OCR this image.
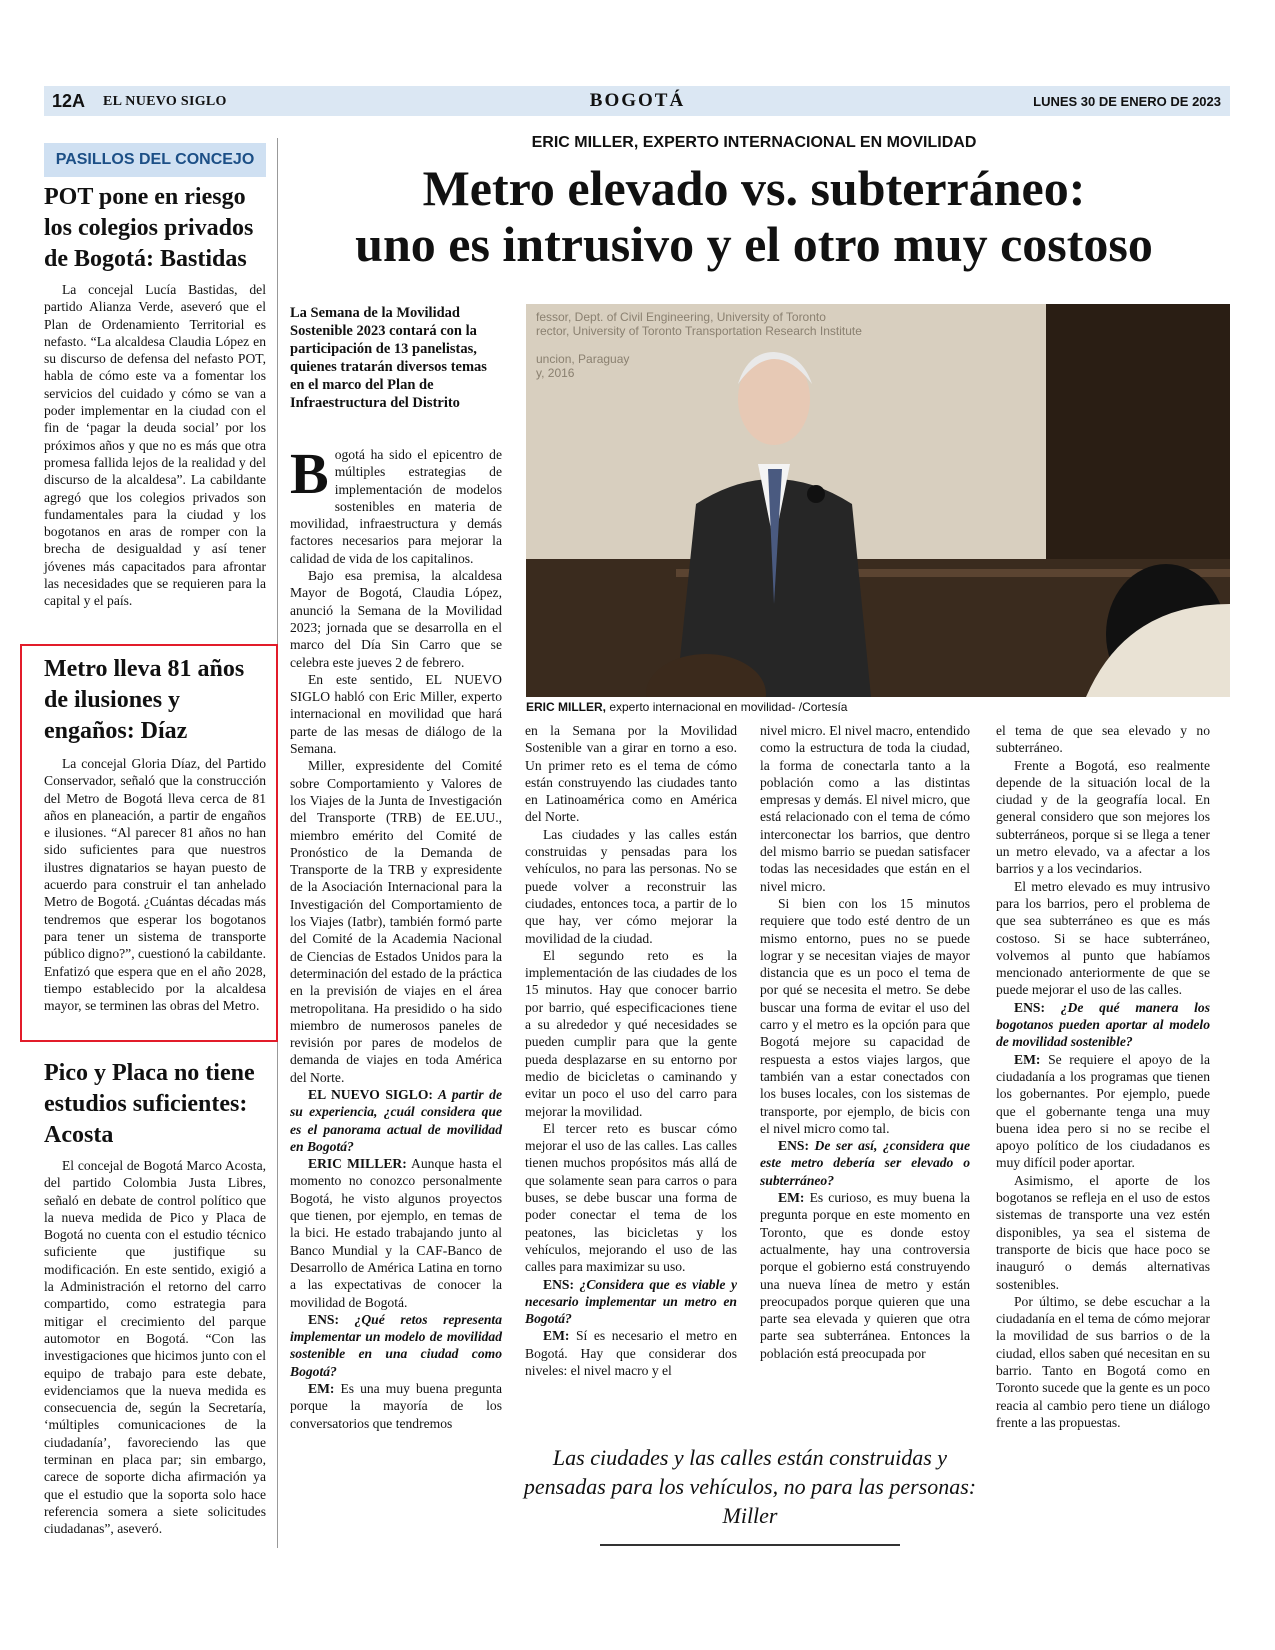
12A EL NUEVO SIGLO	BOGOTÁ	LUNES 30 DE ENERO DE 2023
PASILLOS DEL CONCEJO
POT pone en riesgo los colegios privados de Bogotá: Bastidas

La concejal Lucía Bastidas, del partido Alianza Verde, aseveró que el Plan de Ordenamiento Territorial es nefasto. “La alcaldesa Claudia López en su discurso de defensa del nefasto POT, habla de cómo este va a fomentar los servicios del cuidado y cómo se van a poder implementar en la ciudad con el fin de ‘pagar la deuda social’ por los próximos años y que no es más que otra promesa fallida lejos de la realidad y del discurso de la alcaldesa”. La cabildante agregó que los colegios privados son fundamentales para la ciudad y los bogotanos en aras de romper con la brecha de desigualdad y así tener jóvenes más capacitados para afrontar las necesidades que se requieren para la capital y el país.

Metro lleva 81 años de ilusiones y engaños: Díaz

La concejal Gloria Díaz, del Partido Conservador, señaló que la construcción del Metro de Bogotá lleva cerca de 81 años en planeación, a partir de engaños e ilusiones. “Al parecer 81 años no han sido suficientes para que nuestros ilustres dignatarios se hayan puesto de acuerdo para construir el tan anhelado Metro de Bogotá. ¿Cuántas décadas más tendremos que esperar los bogotanos para tener un sistema de transporte público digno?”, cuestionó la cabildante. Enfatizó que espera que en el año 2028, tiempo establecido por la alcaldesa mayor, se terminen las obras del Metro.

Pico y Placa no tiene estudios suficientes: Acosta

El concejal de Bogotá Marco Acosta, del partido Colombia Justa Libres, señaló en debate de control político que la nueva medida de Pico y Placa de Bogotá no cuenta con el estudio técnico suficiente que justifique su modificación. En este sentido, exigió a la Administración el retorno del carro compartido, como estrategia para mitigar el crecimiento del parque automotor en Bogotá. “Con las investigaciones que hicimos junto con el equipo de trabajo para este debate, evidenciamos que la nueva medida es consecuencia de, según la Secretaría, ‘múltiples comunicaciones de la ciudadanía’, favoreciendo las que terminan en placa par; sin embargo, carece de soporte dicha afirmación ya que el estudio que la soporta solo hace referencia somera a siete solicitudes ciudadanas”, aseveró.

ERIC MILLER, EXPERTO INTERNACIONAL EN MOVILIDAD
Metro elevado vs. subterráneo:
uno es intrusivo y el otro muy costoso
La Semana de la Movilidad Sostenible 2023 contará con la participación de 13 panelistas, quienes tratarán diversos temas en el marco del Plan de Infraestructura del Distrito
fessor, Dept. of Civil Engineering, University of Toronto
rector, University of Toronto Transportation Research Institute

uncion, Paraguay
y, 2016
ERIC MILLER, experto internacional en movilidad- /Cortesía

Bogotá ha sido el epicentro de múltiples estrategias de implementación de modelos sostenibles en materia de movilidad, infraestructura y demás factores necesarios para mejorar la calidad de vida de los capitalinos.

Bajo esa premisa, la alcaldesa Mayor de Bogotá, Claudia López, anunció la Semana de la Movilidad 2023; jornada que se desarrolla en el marco del Día Sin Carro que se celebra este jueves 2 de febrero.

En este sentido, EL NUEVO SIGLO habló con Eric Miller, experto internacional en movilidad que hará parte de las mesas de diálogo de la Semana.

Miller, expresidente del Comité sobre Comportamiento y Valores de los Viajes de la Junta de Investigación del Transporte (TRB) de EE.UU., miembro emérito del Comité de Pronóstico de la Demanda de Transporte de la TRB y expresidente de la Asociación Internacional para la Investigación del Comportamiento de los Viajes (Iatbr), también formó parte del Comité de la Academia Nacional de Ciencias de Estados Unidos para la determinación del estado de la práctica en la previsión de viajes en el área metropolitana. Ha presidido o ha sido miembro de numerosos paneles de revisión por pares de modelos de demanda de viajes en toda América del Norte.

EL NUEVO SIGLO: A partir de su experiencia, ¿cuál considera que es el panorama actual de movilidad en Bogotá?

ERIC MILLER: Aunque hasta el momento no conozco personalmente Bogotá, he visto algunos proyectos que tienen, por ejemplo, en temas de la bici. He estado trabajando junto al Banco Mundial y la CAF-Banco de Desarrollo de América Latina en torno a las expectativas de conocer la movilidad de Bogotá.

ENS: ¿Qué retos representa implementar un modelo de movilidad sostenible en una ciudad como Bogotá?

EM: Es una muy buena pregunta porque la mayoría de los conversatorios que tendremos

en la Semana por la Movilidad Sostenible van a girar en torno a eso. Un primer reto es el tema de cómo están construyendo las ciudades tanto en Latinoamérica como en América del Norte.

Las ciudades y las calles están construidas y pensadas para los vehículos, no para las personas. No se puede volver a reconstruir las ciudades, entonces toca, a partir de lo que hay, ver cómo mejorar la movilidad de la ciudad.

El segundo reto es la implementación de las ciudades de los 15 minutos. Hay que conocer barrio por barrio, qué especificaciones tiene a su alrededor y qué necesidades se pueden cumplir para que la gente pueda desplazarse en su entorno por medio de bicicletas o caminando y evitar un poco el uso del carro para mejorar la movilidad.

El tercer reto es buscar cómo mejorar el uso de las calles. Las calles tienen muchos propósitos más allá de que solamente sean para carros o para buses, se debe buscar una forma de poder conectar el tema de los peatones, las bicicletas y los vehículos, mejorando el uso de las calles para maximizar su uso.

ENS: ¿Considera que es viable y necesario implementar un metro en Bogotá?

EM: Sí es necesario el metro en Bogotá. Hay que considerar dos niveles: el nivel macro y el

nivel micro. El nivel macro, entendido como la estructura de toda la ciudad, la forma de conectarla tanto a la población como a las distintas empresas y demás. El nivel micro, que está relacionado con el tema de cómo interconectar los barrios, que dentro del mismo barrio se puedan satisfacer todas las necesidades que están en el nivel micro.

Si bien con los 15 minutos requiere que todo esté dentro de un mismo entorno, pues no se puede lograr y se necesitan viajes de mayor distancia que es un poco el tema de por qué se necesita el metro. Se debe buscar una forma de evitar el uso del carro y el metro es la opción para que Bogotá mejore su capacidad de respuesta a estos viajes largos, que también van a estar conectados con los buses locales, con los sistemas de transporte, por ejemplo, de bicis con el nivel micro como tal.

ENS: De ser así, ¿considera que este metro debería ser elevado o subterráneo?

EM: Es curioso, es muy buena la pregunta porque en este momento en Toronto, que es donde estoy actualmente, hay una controversia porque el gobierno está construyendo una nueva línea de metro y están preocupados porque quieren que una parte sea elevada y quieren que otra parte sea subterránea. Entonces la población está preocupada por

el tema de que sea elevado y no subterráneo.

Frente a Bogotá, eso realmente depende de la situación local de la ciudad y de la geografía local. En general considero que son mejores los subterráneos, porque si se llega a tener un metro elevado, va a afectar a los barrios y a los vecindarios.

El metro elevado es muy intrusivo para los barrios, pero el problema de que sea subterráneo es que es más costoso. Si se hace subterráneo, volvemos al punto que habíamos mencionado anteriormente de que se puede mejorar el uso de las calles.

ENS: ¿De qué manera los bogotanos pueden aportar al modelo de movilidad sostenible?

EM: Se requiere el apoyo de la ciudadanía a los programas que tienen los gobernantes. Por ejemplo, puede que el gobernante tenga una muy buena idea pero si no se recibe el apoyo político de los ciudadanos es muy difícil poder aportar.

Asimismo, el aporte de los bogotanos se refleja en el uso de estos sistemas de transporte una vez estén disponibles, ya sea el sistema de transporte de bicis que hace poco se inauguró o demás alternativas sostenibles.

Por último, se debe escuchar a la ciudadanía en el tema de cómo mejorar la movilidad de sus barrios o de la ciudad, ellos saben qué necesitan en su barrio. Tanto en Bogotá como en Toronto sucede que la gente es un poco reacia al cambio pero tiene un diálogo frente a las propuestas.

Las ciudades y las calles están construidas y pensadas para los vehículos, no para las personas: Miller
